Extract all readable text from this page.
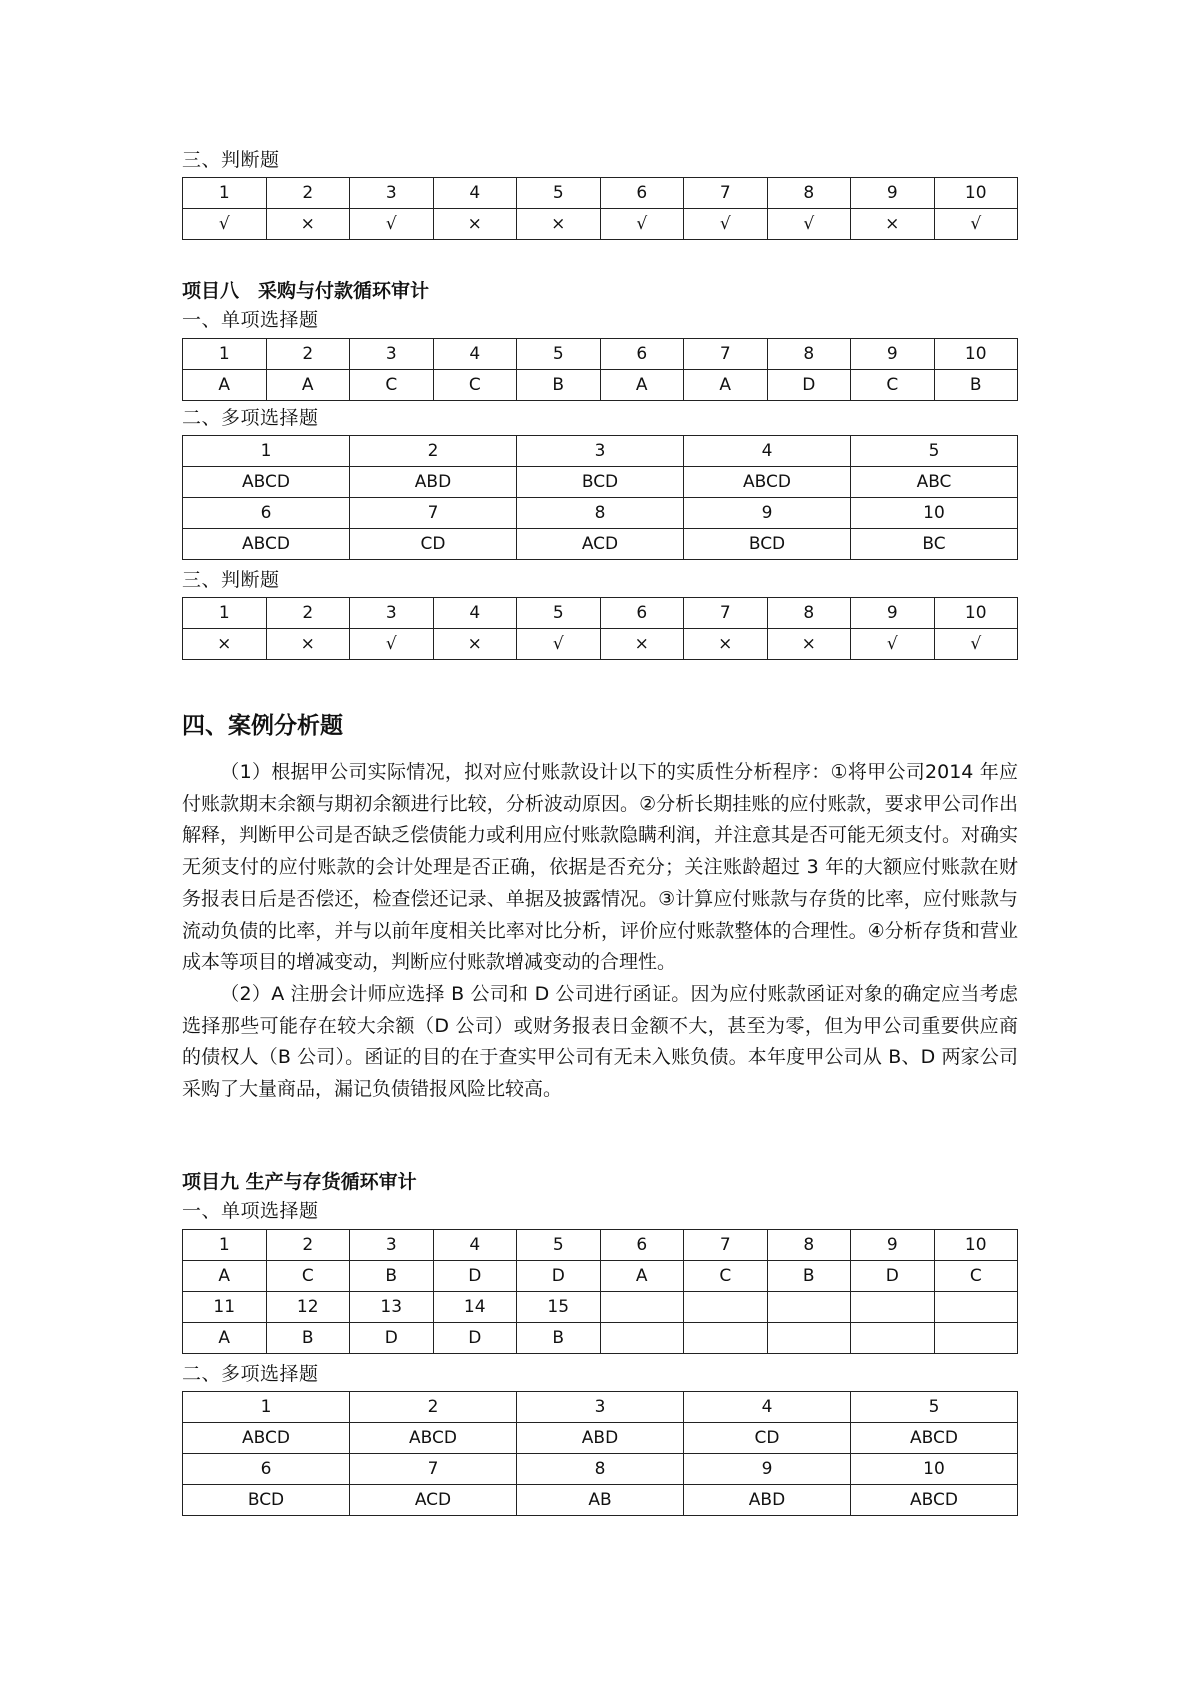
三、判断题
1	2	3	4	5	6	7	8	9	10
√	×	√	×	×	√	√	√	×	√
项目八　采购与付款循环审计
一、单项选择题
1	2	3	4	5	6	7	8	9	10
A	A	C	C	B	A	A	D	C	B
二、多项选择题
1	2	3	4	5
ABCD	ABD	BCD	ABCD	ABC
6	7	8	9	10
ABCD	CD	ACD	BCD	BC
三、判断题
1	2	3	4	5	6	7	8	9	10
×	×	√	×	√	×	×	×	√	√
四、案例分析题

（1）根据甲公司实际情况，拟对应付账款设计以下的实质性分析程序：①将甲公司2014 年应付账款期末余额与期初余额进行比较，分析波动原因。②分析长期挂账的应付账款，要求甲公司作出解释，判断甲公司是否缺乏偿债能力或利用应付账款隐瞒利润，并注意其是否可能无须支付。对确实无须支付的应付账款的会计处理是否正确，依据是否充分；关注账龄超过 3 年的大额应付账款在财务报表日后是否偿还，检查偿还记录、单据及披露情况。③计算应付账款与存货的比率，应付账款与流动负债的比率，并与以前年度相关比率对比分析，评价应付账款整体的合理性。④分析存货和营业成本等项目的增减变动，判断应付账款增减变动的合理性。

（2）A 注册会计师应选择 B 公司和 D 公司进行函证。因为应付账款函证对象的确定应当考虑选择那些可能存在较大余额（D 公司）或财务报表日金额不大，甚至为零，但为甲公司重要供应商的债权人（B 公司）。函证的目的在于查实甲公司有无未入账负债。本年度甲公司从 B、D 两家公司采购了大量商品，漏记负债错报风险比较高。

项目九 生产与存货循环审计
一、单项选择题
1	2	3	4	5	6	7	8	9	10
A	C	B	D	D	A	C	B	D	C
11	12	13	14	15					
A	B	D	D	B					
二、多项选择题
1	2	3	4	5
ABCD	ABCD	ABD	CD	ABCD
6	7	8	9	10
BCD	ACD	AB	ABD	ABCD
